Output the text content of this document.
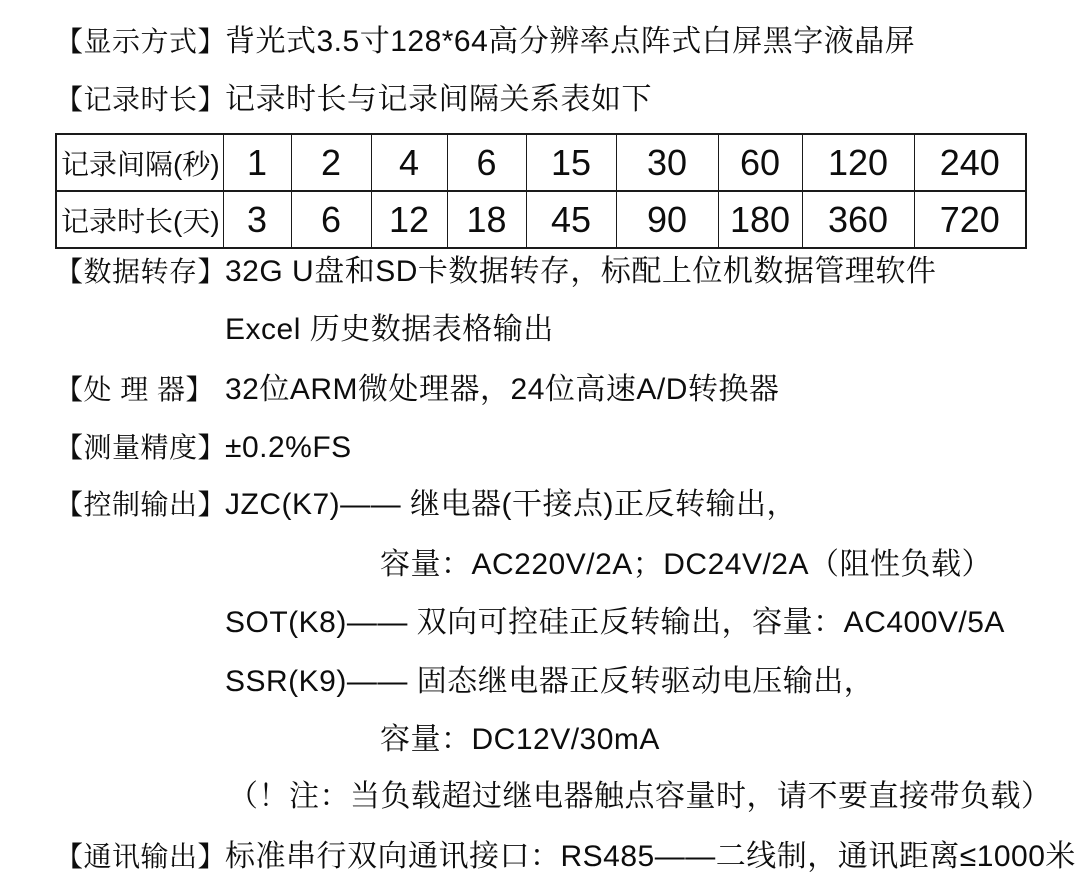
【显示方式】背光式3.5寸128*64高分辨率点阵式白屏黑字液晶屏
【记录时长】记录时长与记录间隔关系表如下
记录间隔(秒)	1	2	4	6	15	30	60	120	240
记录时长(天)	3	6	12	18	45	90	180	360	720
【数据转存】32G U盘和SD卡数据转存，标配上位机数据管理软件
Excel 历史数据表格输出
【处 理 器】 32位ARM微处理器，24位高速A/D转换器
【测量精度】±0.2%FS
【控制输出】JZC(K7)—— 继电器(干接点)正反转输出，
容量：AC220V/2A；DC24V/2A（阻性负载）
SOT(K8)—— 双向可控硅正反转输出，容量：AC400V/5A
SSR(K9)—— 固态继电器正反转驱动电压输出，
容量：DC12V/30mA
（！注：当负载超过继电器触点容量时，请不要直接带负载）
【通讯输出】标准串行双向通讯接口：RS485——二线制，通讯距离≤1000米
